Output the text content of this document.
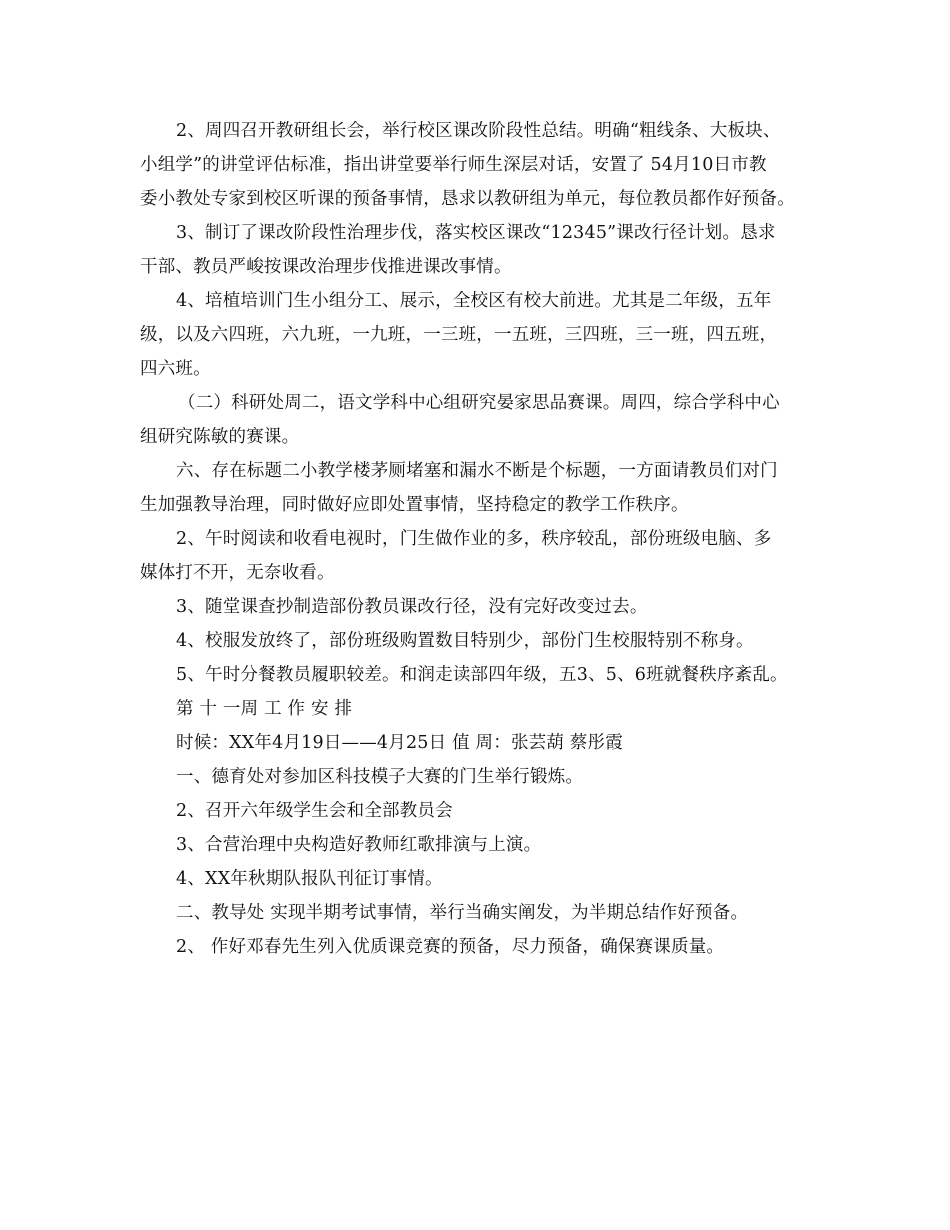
2、周四召开教研组长会，举行校区课改阶段性总结。明确“粗线条、大板块、
小组学”的讲堂评估标准，指出讲堂要举行师生深层对话，安置了 54月10日市教
委小教处专家到校区听课的预备事情，恳求以教研组为单元，每位教员都作好预备。
3、制订了课改阶段性治理步伐，落实校区课改“12345”课改行径计划。恳求
干部、教员严峻按课改治理步伐推进课改事情。
4、培植培训门生小组分工、展示，全校区有校大前进。尤其是二年级，五年
级，以及六四班，六九班，一九班，一三班，一五班，三四班，三一班，四五班，
四六班。
（二）科研处周二，语文学科中心组研究晏家思品赛课。周四，综合学科中心
组研究陈敏的赛课。
六、存在标题二小教学楼茅厕堵塞和漏水不断是个标题，一方面请教员们对门
生加强教导治理，同时做好应即处置事情，坚持稳定的教学工作秩序。
2、午时阅读和收看电视时，门生做作业的多，秩序较乱，部份班级电脑、多
媒体打不开，无奈收看。
3、随堂课查抄制造部份教员课改行径，没有完好改变过去。
4、校服发放终了，部份班级购置数目特别少，部份门生校服特别不称身。
5、午时分餐教员履职较差。和润走读部四年级，五3、5、6班就餐秩序紊乱。
第 十 一周 工 作 安 排
时候：XX年4月19日——4月25日 值 周：张芸葫 蔡彤霞
一、德育处对参加区科技模子大赛的门生举行锻炼。
2、召开六年级学生会和全部教员会
3、合营治理中央构造好教师红歌排演与上演。
4、XX年秋期队报队刊征订事情。
二、教导处 实现半期考试事情，举行当确实阐发，为半期总结作好预备。
2、 作好邓春先生列入优质课竞赛的预备，尽力预备，确保赛课质量。
